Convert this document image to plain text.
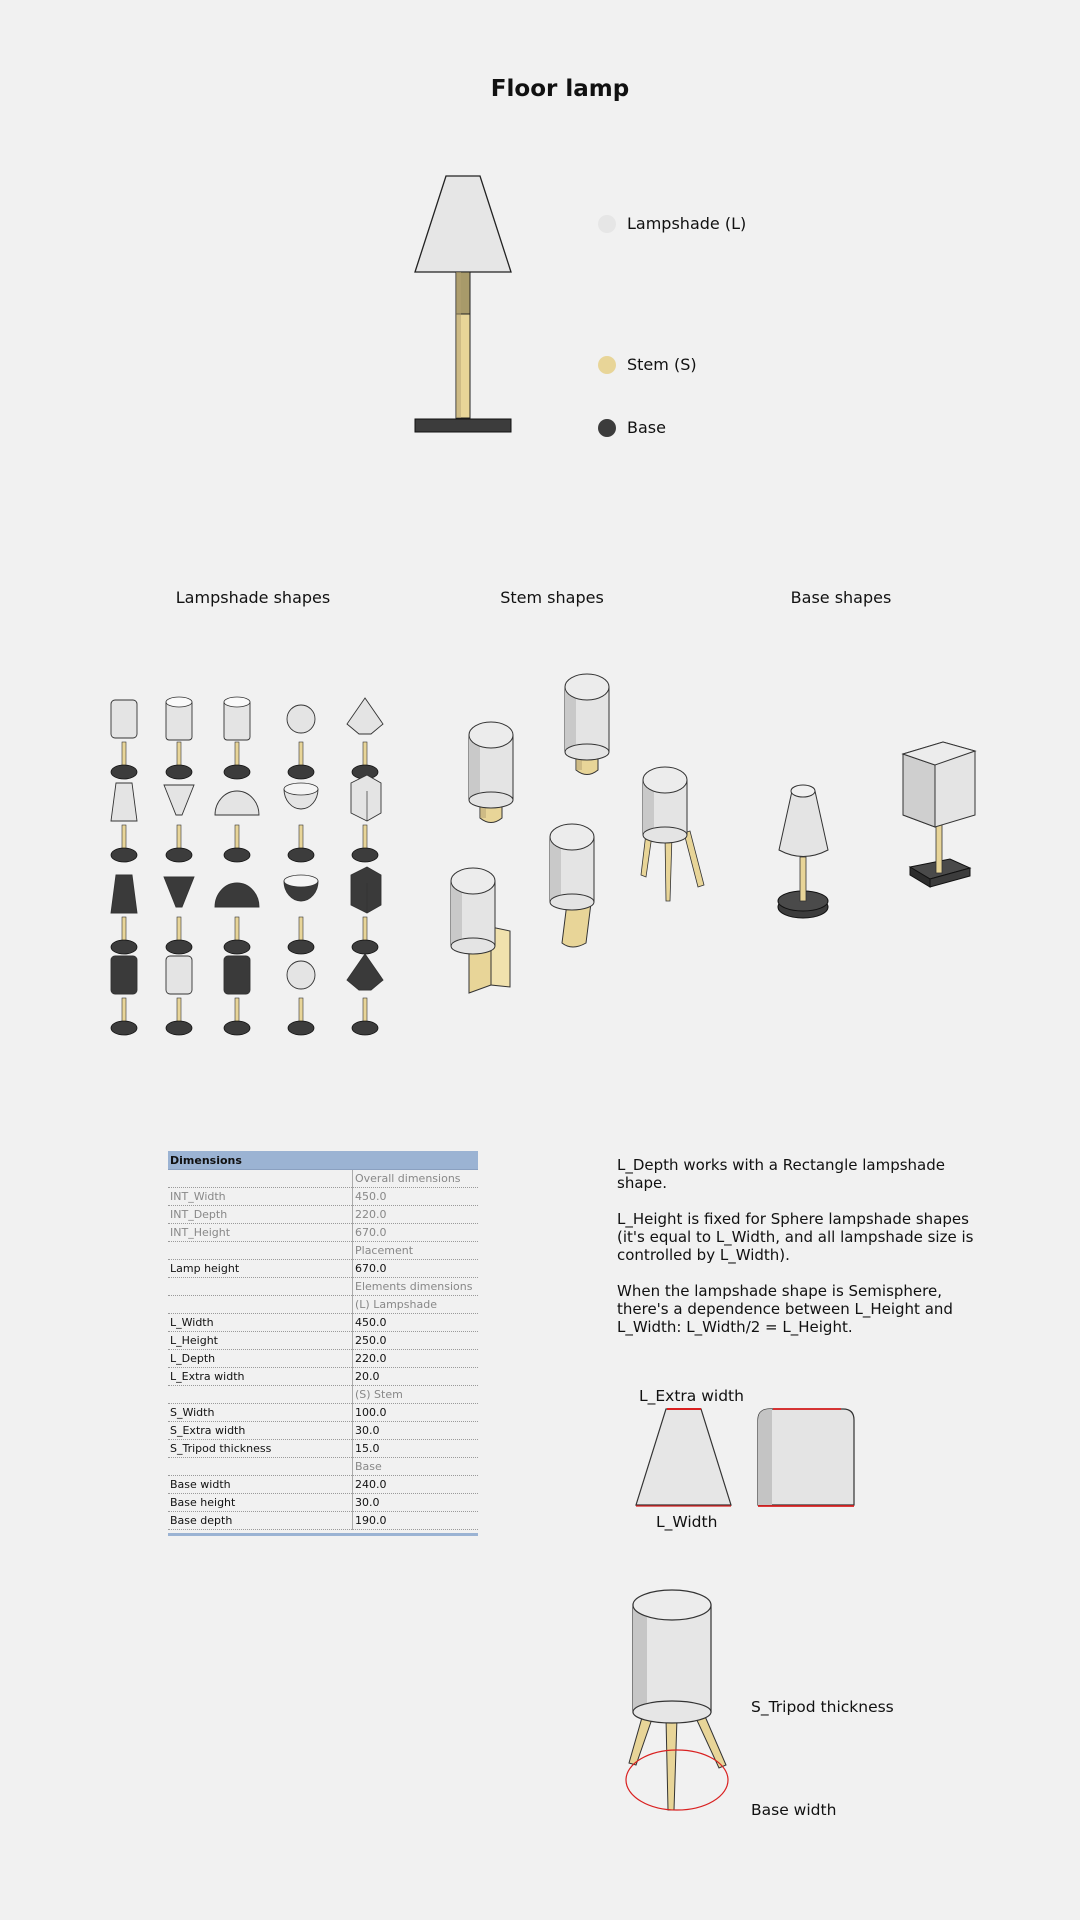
Floor lamp
Lampshade (L)
Stem (S)
Base
Lampshade shapes	Stem shapes	Base shapes
Dimensions	
	Overall dimensions
INT_Width	450.0
INT_Depth	220.0
INT_Height	670.0
	Placement
Lamp height	670.0
	Elements dimensions
	(L) Lampshade
L_Width	450.0
L_Height	250.0
L_Depth	220.0
L_Extra width	20.0
	(S) Stem
S_Width	100.0
S_Extra width	30.0
S_Tripod thickness	15.0
	Base
Base width	240.0
Base height	30.0
Base depth	190.0

L_Depth works with a Rectangle lampshade shape.
L_Height is fixed for Sphere lampshade shapes (it's equal to L_Width, and all lampshade size is controlled by L_Width).
When the lampshade shape is Semisphere, there's a dependence between L_Height and L_Width: L_Width/2 = L_Height.
L_Extra width
L_Width
S_Tripod thickness
Base width
